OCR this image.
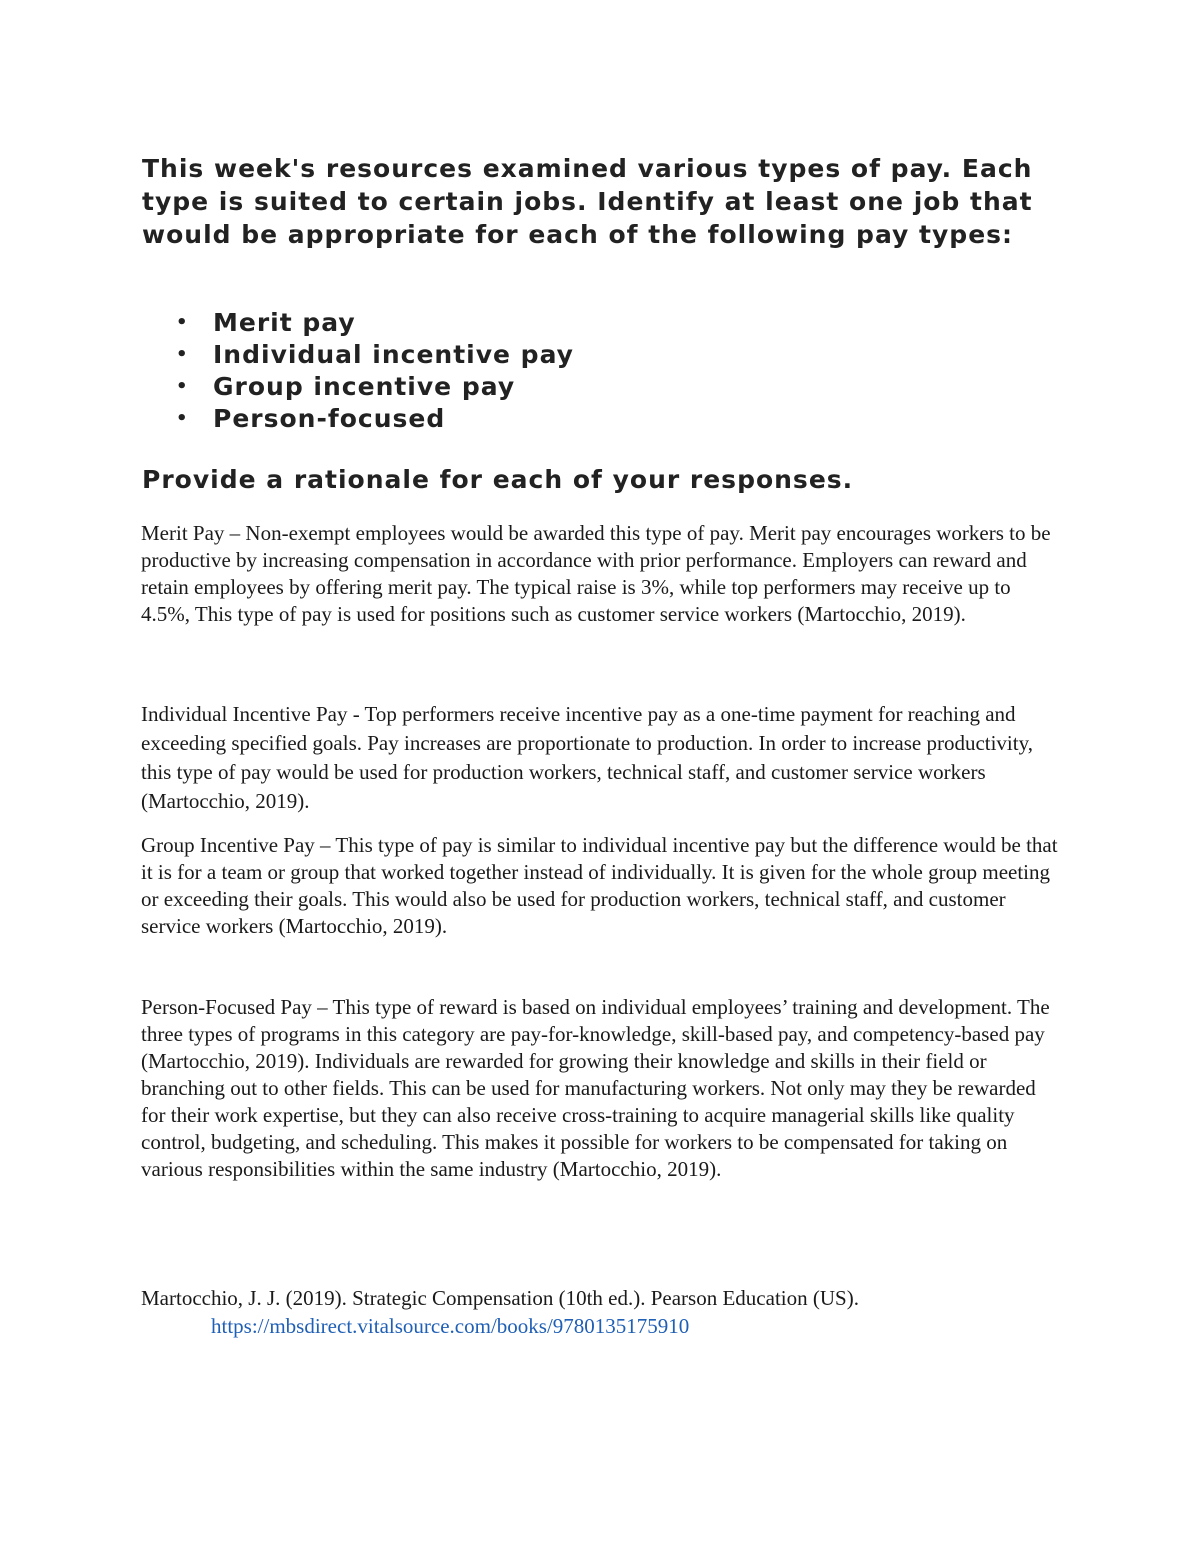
This week's resources examined various types of pay. Each type is suited to certain jobs. Identify at least one job that would be appropriate for each of the following pay types:

• Merit pay
• Individual incentive pay
• Group incentive pay
• Person-focused

Provide a rationale for each of your responses.

Merit Pay – Non-exempt employees would be awarded this type of pay. Merit pay encourages workers to be productive by increasing compensation in accordance with prior performance. Employers can reward and retain employees by offering merit pay. The typical raise is 3%, while top performers may receive up to 4.5%, This type of pay is used for positions such as customer service workers (Martocchio, 2019).

Individual Incentive Pay - Top performers receive incentive pay as a one-time payment for reaching and exceeding specified goals. Pay increases are proportionate to production. In order to increase productivity, this type of pay would be used for production workers, technical staff, and customer service workers (Martocchio, 2019).

Group Incentive Pay – This type of pay is similar to individual incentive pay but the difference would be that it is for a team or group that worked together instead of individually. It is given for the whole group meeting or exceeding their goals. This would also be used for production workers, technical staff, and customer service workers (Martocchio, 2019).

Person-Focused Pay – This type of reward is based on individual employees’ training and development. The three types of programs in this category are pay-for-knowledge, skill-based pay, and competency-based pay (Martocchio, 2019). Individuals are rewarded for growing their knowledge and skills in their field or branching out to other fields. This can be used for manufacturing workers. Not only may they be rewarded for their work expertise, but they can also receive cross-training to acquire managerial skills like quality control, budgeting, and scheduling. This makes it possible for workers to be compensated for taking on various responsibilities within the same industry (Martocchio, 2019).

Martocchio, J. J. (2019). Strategic Compensation (10th ed.). Pearson Education (US).
https://mbsdirect.vitalsource.com/books/9780135175910
